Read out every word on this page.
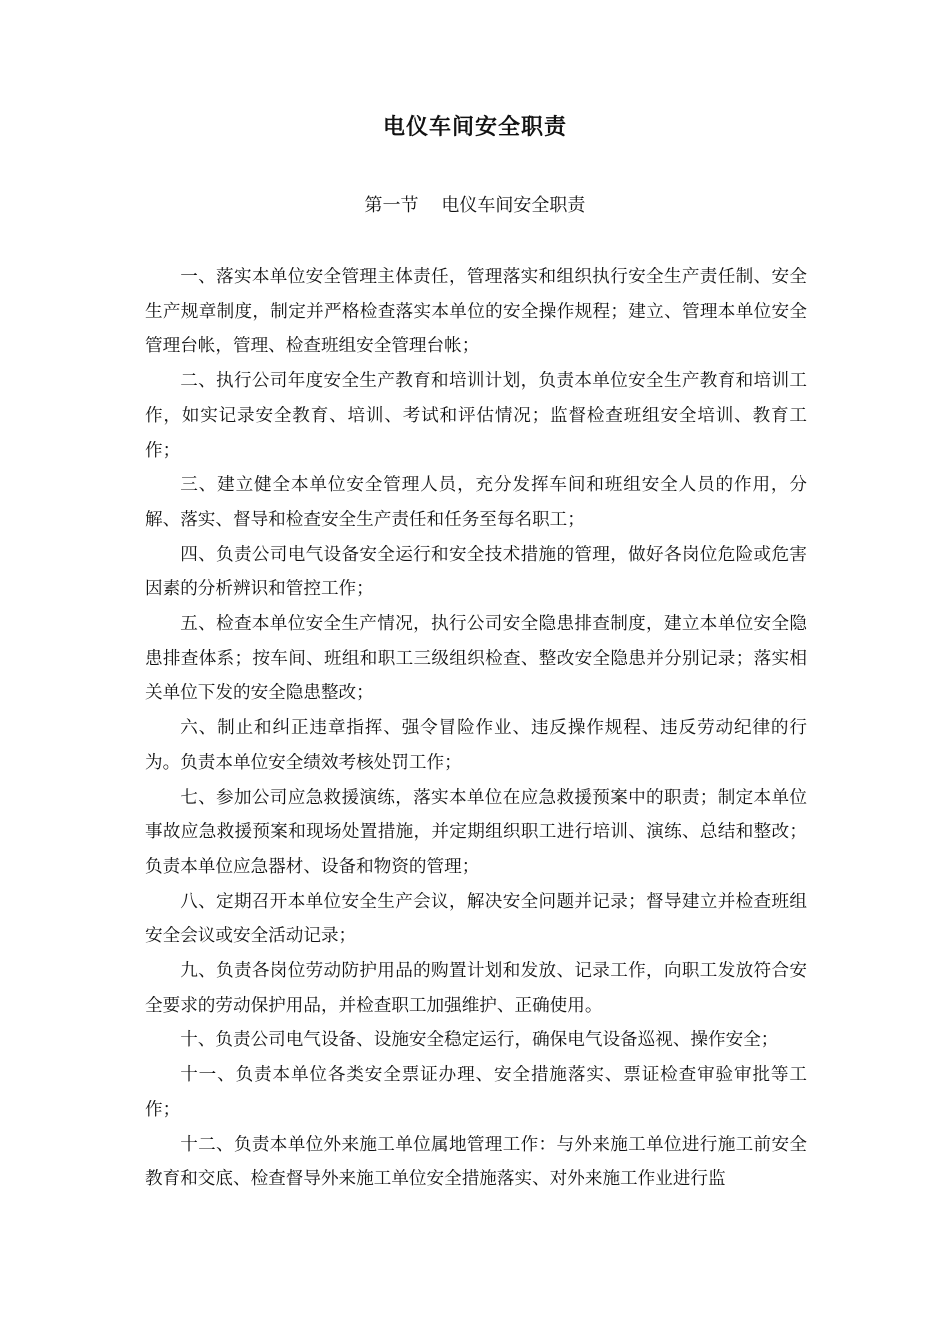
电仪车间安全职责
第一节    电仪车间安全职责

一、落实本单位安全管理主体责任，管理落实和组织执行安全生产责任制、安全生产规章制度，制定并严格检查落实本单位的安全操作规程；建立、管理本单位安全管理台帐，管理、检查班组安全管理台帐；

二、执行公司年度安全生产教育和培训计划，负责本单位安全生产教育和培训工作，如实记录安全教育、培训、考试和评估情况；监督检查班组安全培训、教育工作；

三、建立健全本单位安全管理人员，充分发挥车间和班组安全人员的作用，分解、落实、督导和检查安全生产责任和任务至每名职工；

四、负责公司电气设备安全运行和安全技术措施的管理，做好各岗位危险或危害因素的分析辨识和管控工作；

五、检查本单位安全生产情况，执行公司安全隐患排查制度，建立本单位安全隐患排查体系；按车间、班组和职工三级组织检查、整改安全隐患并分别记录；落实相关单位下发的安全隐患整改；

六、制止和纠正违章指挥、强令冒险作业、违反操作规程、违反劳动纪律的行为。负责本单位安全绩效考核处罚工作；

七、参加公司应急救援演练，落实本单位在应急救援预案中的职责；制定本单位事故应急救援预案和现场处置措施，并定期组织职工进行培训、演练、总结和整改；负责本单位应急器材、设备和物资的管理；

八、定期召开本单位安全生产会议，解决安全问题并记录；督导建立并检查班组安全会议或安全活动记录；

九、负责各岗位劳动防护用品的购置计划和发放、记录工作，向职工发放符合安全要求的劳动保护用品，并检查职工加强维护、正确使用。

十、负责公司电气设备、设施安全稳定运行，确保电气设备巡视、操作安全；

十一、负责本单位各类安全票证办理、安全措施落实、票证检查审验审批等工作；

十二、负责本单位外来施工单位属地管理工作：与外来施工单位进行施工前安全教育和交底、检查督导外来施工单位安全措施落实、对外来施工作业进行监
